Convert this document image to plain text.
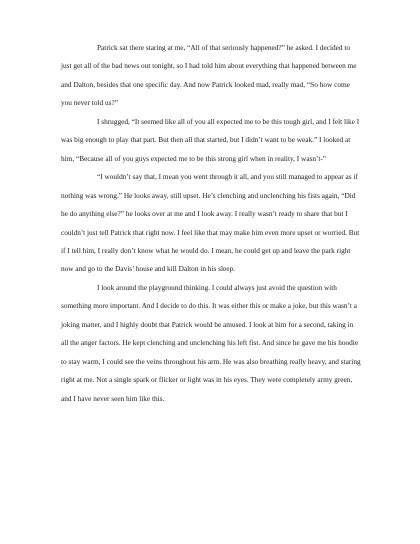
Patrick sat there staring at me, “All of that seriously happened?” he asked. I decided to just get all of the bad news out tonight, so I had told him about everything that happened between me and Dalton, besides that one specific day. And now Patrick looked mad, really mad, “So how come you never told us?”

I shrugged, “It seemed like all of you all expected me to be this tough girl, and I felt like I was big enough to play that part. But then all that started, but I didn’t want to be weak.” I looked at him, “Because all of you guys expected me to be this strong girl when in reality, I wasn’t-”

“I wouldn’t say that, I mean you went through it all, and you still managed to appear as if nothing was wrong.” He looks away, still upset. He’s clenching and unclenching his fists again, “Did he do anything else?” he looks over at me and I look away. I really wasn’t ready to share that but I couldn’t just tell Patrick that right now. I feel like that may make him even more upset or worried. But if I tell him, I really don’t know what he would do. I mean, he could get up and leave the park right now and go to the Davis’ house and kill Dalton in his sleep.

I look around the playground thinking. I could always just avoid the question with something more important. And I decide to do this. It was either this or make a joke, but this wasn’t a joking matter, and I highly doubt that Patrick would be amused. I look at him for a second, taking in all the anger factors. He kept clenching and unclenching his left fist. And since he gave me his hoodie to stay warm, I could see the veins throughout his arm. He was also breathing really heavy, and staring right at me. Not a single spark or flicker or light was in his eyes. They were completely army green, and I have never seen him like this.
